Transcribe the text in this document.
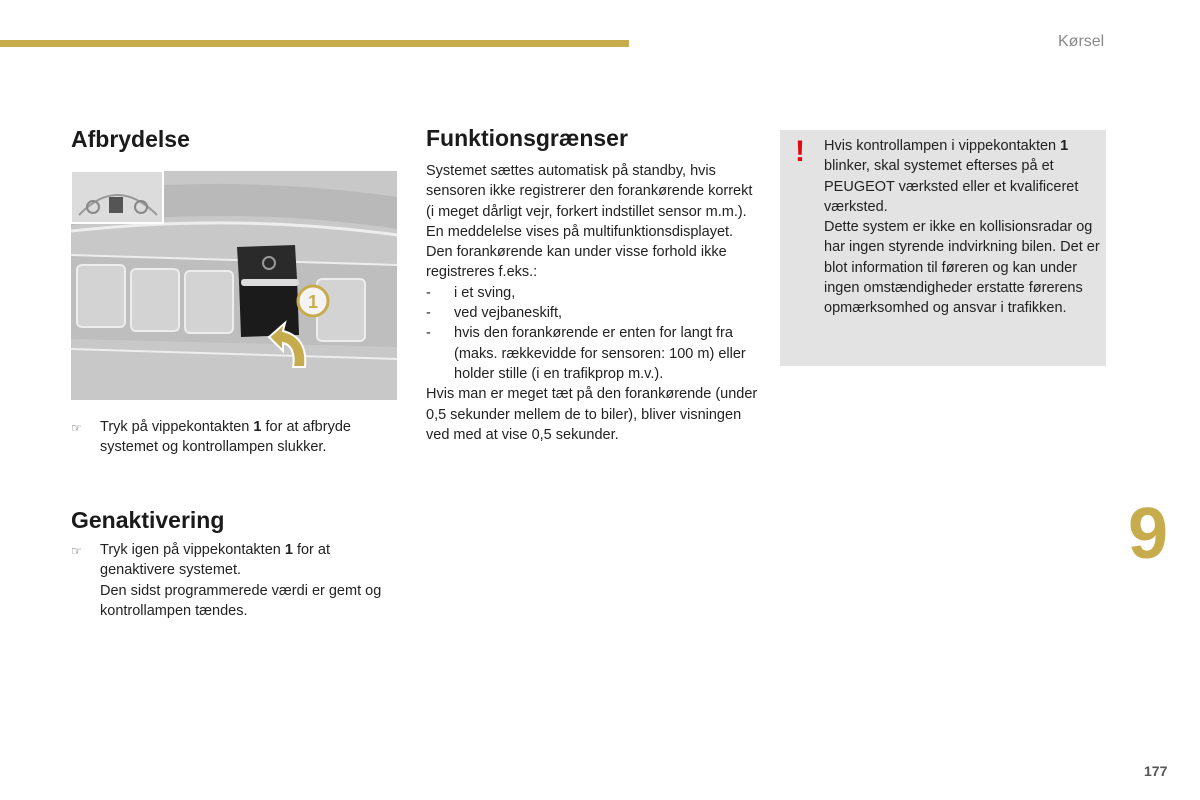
Kørsel
Afbrydelse
1
☞ Tryk på vippekontakten 1 for at afbryde systemet og kontrollampen slukker.
Genaktivering
☞ Tryk igen på vippekontakten 1 for at genaktivere systemet.
Den sidst programmerede værdi er gemt og kontrollampen tændes.
Funktionsgrænser

Systemet sættes automatisk på standby, hvis sensoren ikke registrerer den forankørende korrekt (i meget dårligt vejr, forkert indstillet sensor m.m.). En meddelelse vises på multifunktionsdisplayet.

Den forankørende kan under visse forhold ikke registreres f.eks.:

- i et sving,
- ved vejbaneskift,
- hvis den forankørende er enten for langt fra (maks. rækkevidde for sensoren: 100 m) eller holder stille (i en trafikprop m.v.).

Hvis man er meget tæt på den forankørende (under 0,5 sekunder mellem de to biler), bliver visningen ved med at vise 0,5 sekunder.

! Hvis kontrollampen i vippekontakten 1 blinker, skal systemet efterses på et PEUGEOT værksted eller et kvalificeret værksted.

Dette system er ikke en kollisionsradar og har ingen styrende indvirkning bilen. Det er blot information til føreren og kan under ingen omstændigheder erstatte førerens opmærksomhed og ansvar i trafikken.

9
177
